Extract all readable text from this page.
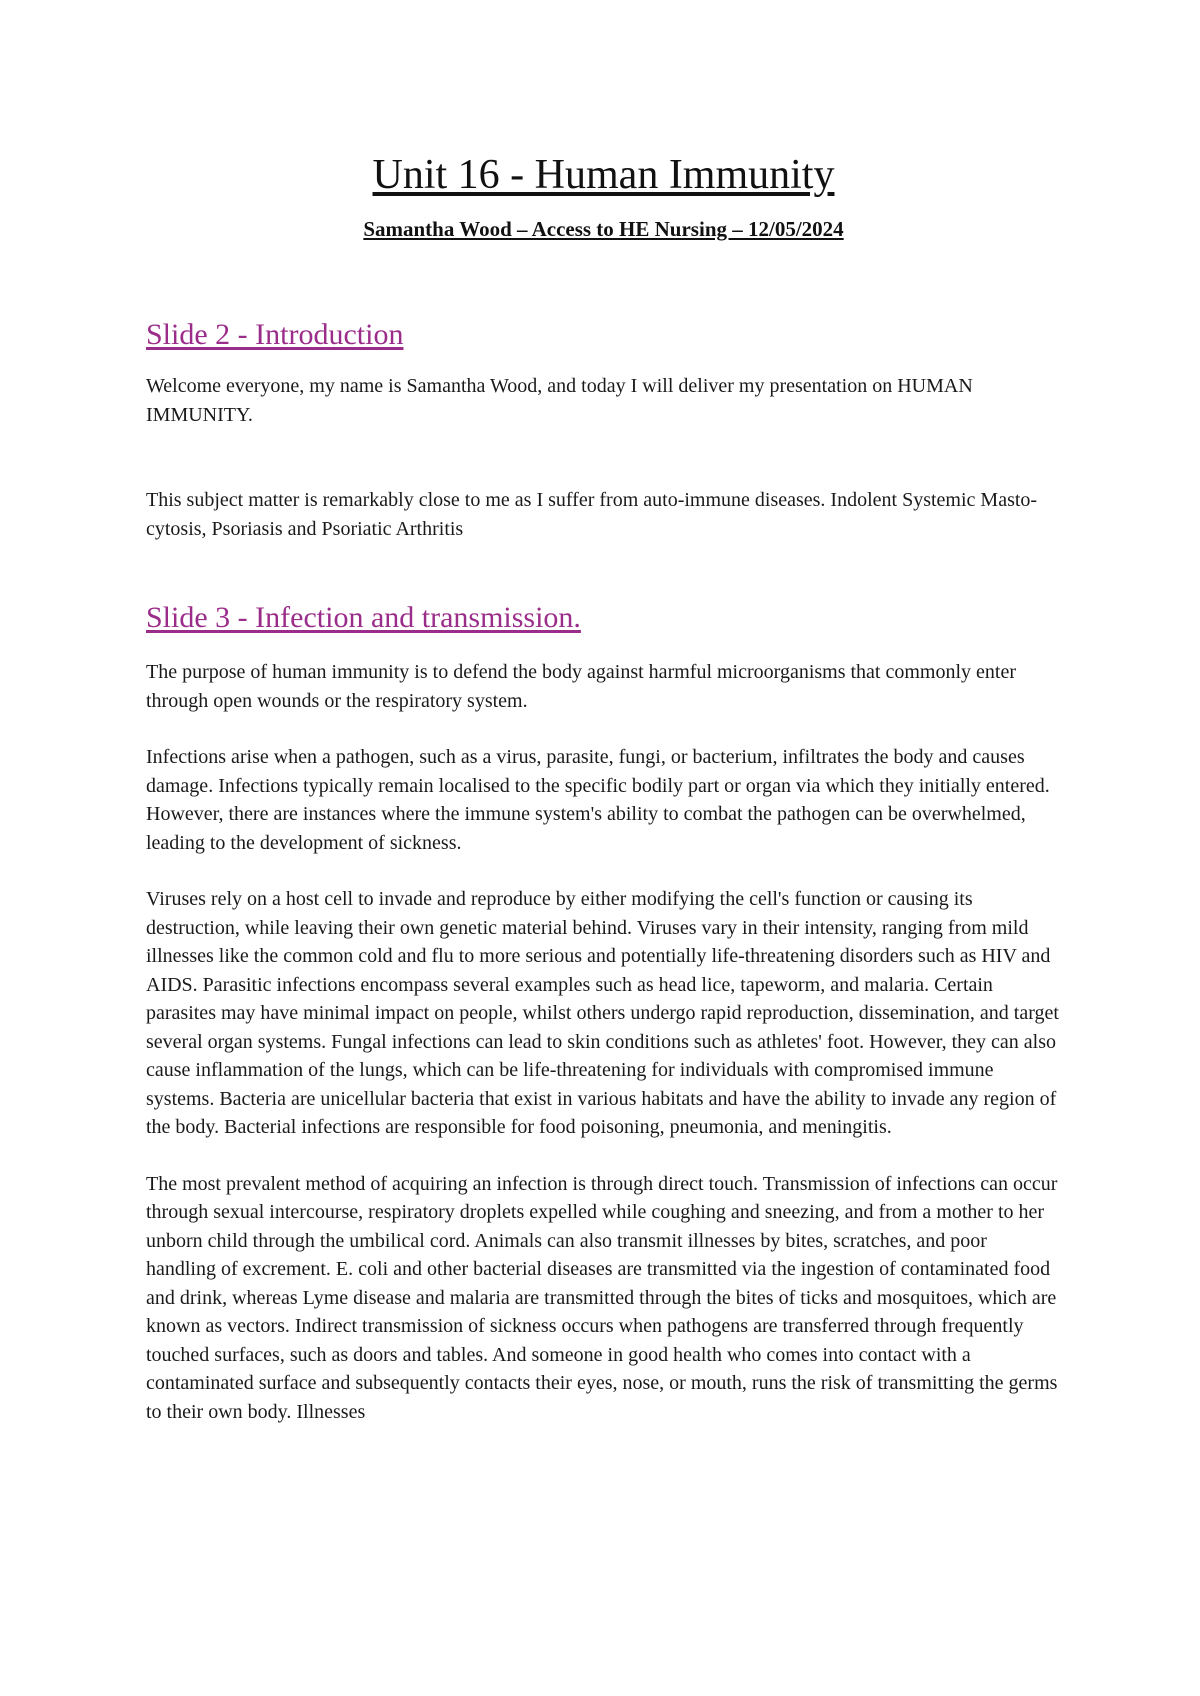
Unit 16 - Human Immunity

Samantha Wood – Access to HE Nursing – 12/05/2024

Slide 2 - Introduction

Welcome everyone, my name is Samantha Wood, and today I will deliver my presentation on HUMAN IMMUNITY.

This subject matter is remarkably close to me as I suffer from auto-immune diseases. Indolent Systemic Masto-cytosis, Psoriasis and Psoriatic Arthritis

Slide 3 - Infection and transmission.

The purpose of human immunity is to defend the body against harmful microorganisms that commonly enter through open wounds or the respiratory system.

Infections arise when a pathogen, such as a virus, parasite, fungi, or bacterium, infiltrates the body and causes damage. Infections typically remain localised to the specific bodily part or organ via which they initially entered. However, there are instances where the immune system's ability to combat the pathogen can be overwhelmed, leading to the development of sickness.

Viruses rely on a host cell to invade and reproduce by either modifying the cell's function or causing its destruction, while leaving their own genetic material behind. Viruses vary in their intensity, ranging from mild illnesses like the common cold and flu to more serious and potentially life-threatening disorders such as HIV and AIDS. Parasitic infections encompass several examples such as head lice, tapeworm, and malaria. Certain parasites may have minimal impact on people, whilst others undergo rapid reproduction, dissemination, and target several organ systems. Fungal infections can lead to skin conditions such as athletes' foot. However, they can also cause inflammation of the lungs, which can be life-threatening for individuals with compromised immune systems. Bacteria are unicellular bacteria that exist in various habitats and have the ability to invade any region of the body. Bacterial infections are responsible for food poisoning, pneumonia, and meningitis.

The most prevalent method of acquiring an infection is through direct touch. Transmission of infections can occur through sexual intercourse, respiratory droplets expelled while coughing and sneezing, and from a mother to her unborn child through the umbilical cord. Animals can also transmit illnesses by bites, scratches, and poor handling of excrement. E. coli and other bacterial diseases are transmitted via the ingestion of contaminated food and drink, whereas Lyme disease and malaria are transmitted through the bites of ticks and mosquitoes, which are known as vectors. Indirect transmission of sickness occurs when pathogens are transferred through frequently touched surfaces, such as doors and tables. And someone in good health who comes into contact with a contaminated surface and subsequently contacts their eyes, nose, or mouth, runs the risk of transmitting the germs to their own body. Illnesses
